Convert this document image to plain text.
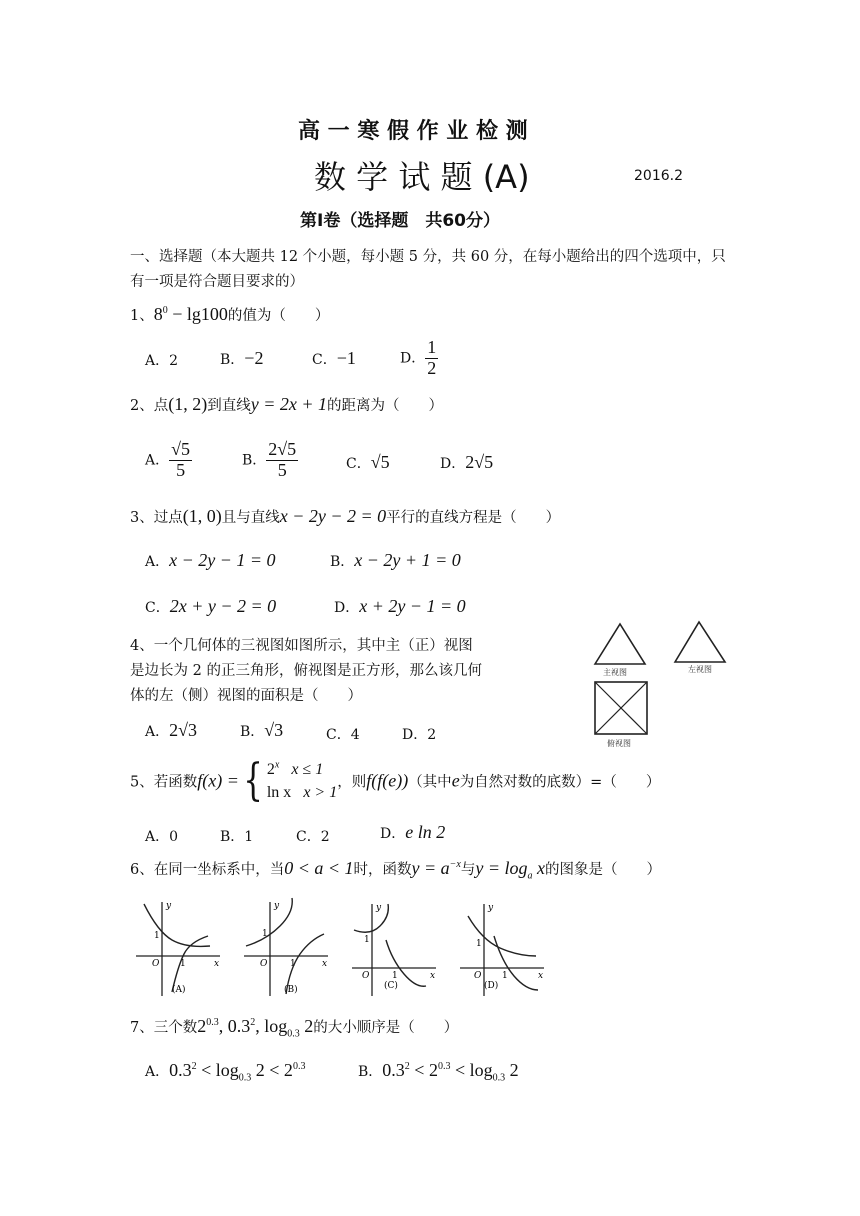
高 一 寒 假 作 业 检 测
数 学 试 题 (A)	2016.2
第Ⅰ卷（选择题　共60分）
一、选择题（本大题共 12 个小题，每小题 5 分，共 60 分，在每小题给出的四个选项中，只
有一项是符合题目要求的）
1、$8^0 - \lg 100$的值为（　　）
A．2	B．−2	C．−1	D． $\frac{1}{2}$
2、点(1, 2)到直线y = 2x + 1的距离为（　　）
A． $\frac{√5}{5}$	B． $\frac{2√5}{5}$	C．√5	D．2√5
3、过点(1, 0)且与直线x − 2y − 2 = 0平行的直线方程是（　　）
A．x − 2y − 1 = 0	B．x − 2y + 1 = 0
C．2x + y − 2 = 0	D．x + 2y − 1 = 0
4、一个几何体的三视图如图所示，其中主（正）视图
是边长为 2 的正三角形，俯视图是正方形，那么该几何
体的左（侧）视图的面积是（　　）
A．2√3	B．√3	C．4	D．2
主视图	左视图
俯视图
5、若函数f(x) ={ 2$^x$ x ≤ 1
ln x x > 1，则f(f(e))（其中e为自然对数的底数）=（　　）
A．0	B．1	C．2	D．e ln 2
6、在同一坐标系中，当0 < a < 1时，函数$y = a^{-x}$与$y = \log_a x$的图象是（　　）
y
x
O
1
1
(A)
y
x
O
1
1
(B)
y
x
O
1
1
(C)
y
x
O
1
1
(D)
7、三个数$2^{0.3}$, $0.3^2$, $\log_{0.3} 2$的大小顺序是（　　）
A．$0.3^2 < \log_{0.3} 2 < 2^{0.3}$	B．$0.3^2 < 2^{0.3} < \log_{0.3} 2$
